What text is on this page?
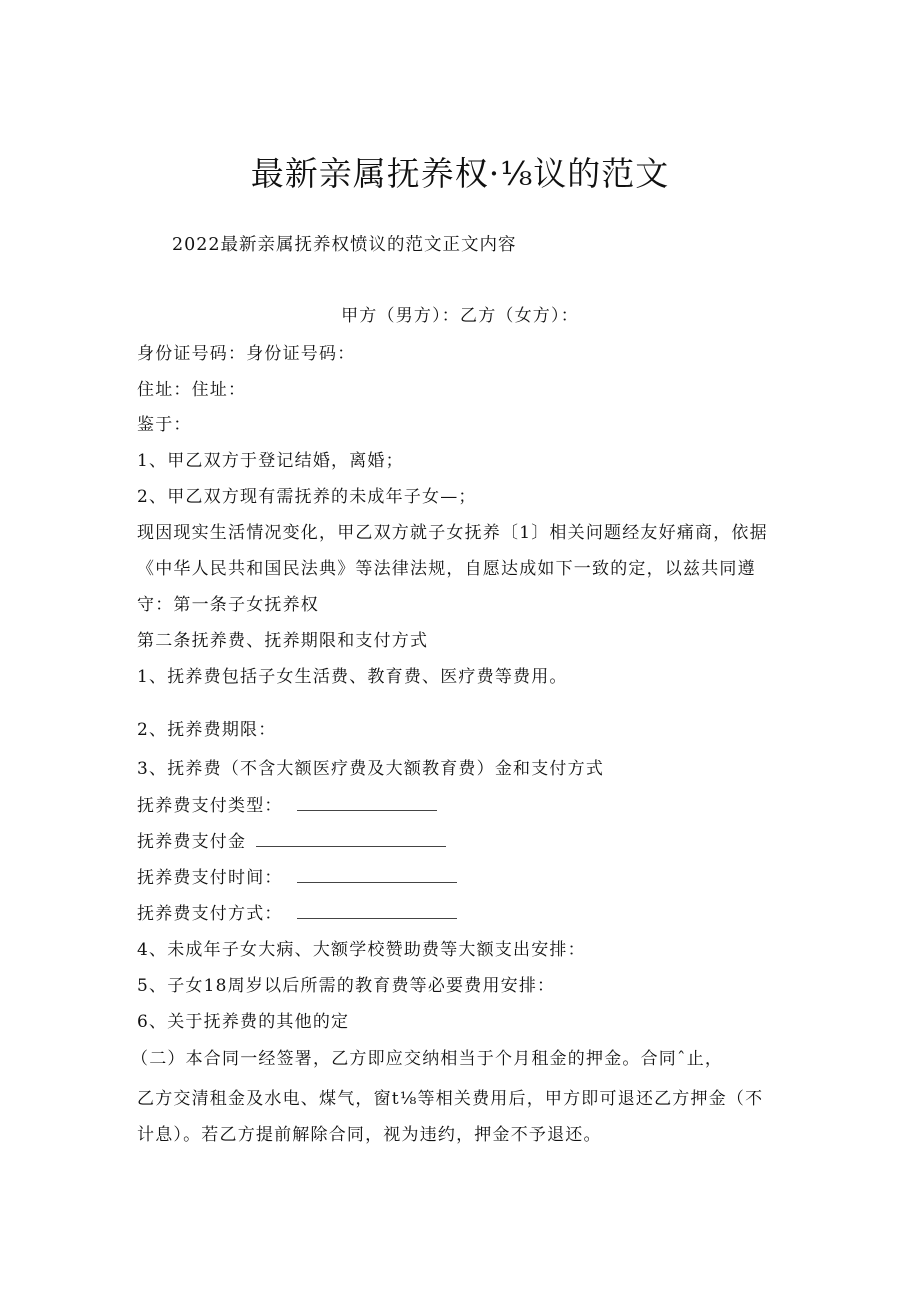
最新亲属抚养权·⅛议的范文
2022最新亲属抚养权愤议的范文正文内容
甲方（男方）：乙方（女方）：
身份证号码：身份证号码：
住址：住址：
鉴于：
1、甲乙双方于登记结婚，离婚；
2、甲乙双方现有需抚养的未成年子女—；
现因现实生活情况变化，甲乙双方就子女抚养〔1〕相关问题经友好痛商，依据
《中华人民共和国民法典》等法律法规，自愿达成如下一致的定，以兹共同遵
守：第一条子女抚养权
第二条抚养费、抚养期限和支付方式
1、抚养费包括子女生活费、教育费、医疗费等费用。
2、抚养费期限：
3、抚养费（不含大额医疗费及大额教育费）金和支付方式
抚养费支付类型：
抚养费支付金
抚养费支付时间：
抚养费支付方式：
4、未成年子女大病、大额学校赞助费等大额支出安排：
5、子女18周岁以后所需的教育费等必要费用安排：
6、关于抚养费的其他的定
（二）本合同一经签署，乙方即应交纳相当于个月租金的押金。合同ˆ止，
乙方交清租金及水电、煤气，窗t⅛等相关费用后，甲方即可退还乙方押金（不
计息）。若乙方提前解除合同，视为违约，押金不予退还。
